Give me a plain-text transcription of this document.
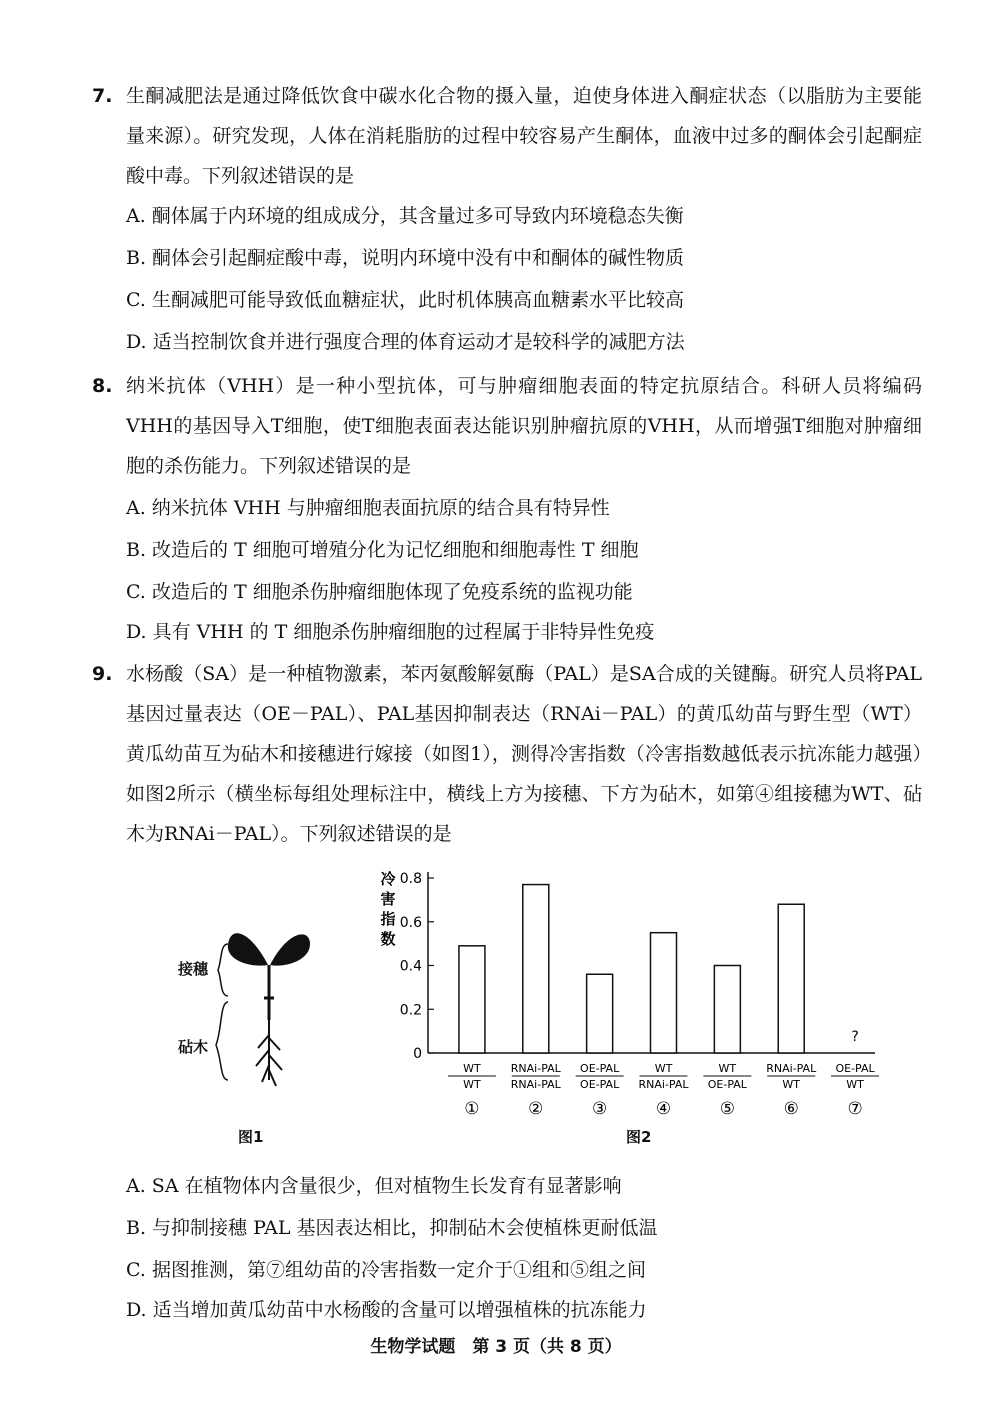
7. 生酮减肥法是通过降低饮食中碳水化合物的摄入量，迫使身体进入酮症状态（以脂肪为主要能量来源）。研究发现，人体在消耗脂肪的过程中较容易产生酮体，血液中过多的酮体会引起酮症酸中毒。下列叙述错误的是
A. 酮体属于内环境的组成成分，其含量过多可导致内环境稳态失衡
B. 酮体会引起酮症酸中毒，说明内环境中没有中和酮体的碱性物质
C. 生酮减肥可能导致低血糖症状，此时机体胰高血糖素水平比较高
D. 适当控制饮食并进行强度合理的体育运动才是较科学的减肥方法
8. 纳米抗体（VHH）是一种小型抗体，可与肿瘤细胞表面的特定抗原结合。科研人员将编码VHH的基因导入T细胞，使T细胞表面表达能识别肿瘤抗原的VHH，从而增强T细胞对肿瘤细胞的杀伤能力。下列叙述错误的是
A. 纳米抗体 VHH 与肿瘤细胞表面抗原的结合具有特异性
B. 改造后的 T 细胞可增殖分化为记忆细胞和细胞毒性 T 细胞
C. 改造后的 T 细胞杀伤肿瘤细胞体现了免疫系统的监视功能
D. 具有 VHH 的 T 细胞杀伤肿瘤细胞的过程属于非特异性免疫
9. 水杨酸（SA）是一种植物激素，苯丙氨酸解氨酶（PAL）是SA合成的关键酶。研究人员将PAL基因过量表达（OE－PAL）、PAL基因抑制表达（RNAi－PAL）的黄瓜幼苗与野生型（WT）黄瓜幼苗互为砧木和接穗进行嫁接（如图1），测得冷害指数（冷害指数越低表示抗冻能力越强）如图2所示（横坐标每组处理标注中，横线上方为接穗、下方为砧木，如第④组接穗为WT、砧木为RNAi－PAL）。下列叙述错误的是
接穗
砧木
图1
冷
害
指
数
0
0.2
0.4
0.6
0.8
?
WT
WT
①
RNAi-PAL
RNAi-PAL
②
OE-PAL
OE-PAL
③
WT
RNAi-PAL
④
WT
OE-PAL
⑤
RNAi-PAL
WT
⑥
OE-PAL
WT
⑦
图2
A. SA 在植物体内含量很少，但对植物生长发育有显著影响
B. 与抑制接穗 PAL 基因表达相比，抑制砧木会使植株更耐低温
C. 据图推测，第⑦组幼苗的冷害指数一定介于①组和⑤组之间
D. 适当增加黄瓜幼苗中水杨酸的含量可以增强植株的抗冻能力
生物学试题　第 3 页（共 8 页）
